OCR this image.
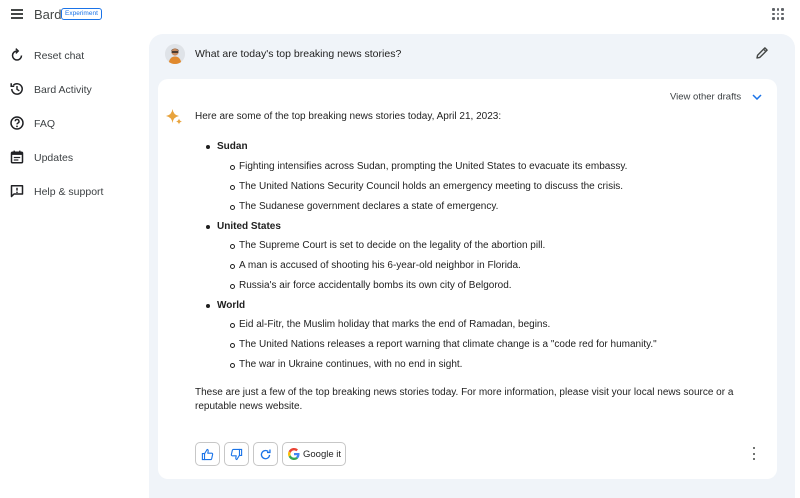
Bard Experiment
Reset chat
Bard Activity
FAQ
Updates
Help & support
What are today's top breaking news stories?
View other drafts
Here are some of the top breaking news stories today, April 21, 2023:
Sudan
Fighting intensifies across Sudan, prompting the United States to evacuate its embassy.
The United Nations Security Council holds an emergency meeting to discuss the crisis.
The Sudanese government declares a state of emergency.
United States
The Supreme Court is set to decide on the legality of the abortion pill.
A man is accused of shooting his 6-year-old neighbor in Florida.
Russia's air force accidentally bombs its own city of Belgorod.
World
Eid al-Fitr, the Muslim holiday that marks the end of Ramadan, begins.
The United Nations releases a report warning that climate change is a "code red for humanity."
The war in Ukraine continues, with no end in sight.
These are just a few of the top breaking news stories today. For more information, please visit your local news source or a reputable news website.
Google it
